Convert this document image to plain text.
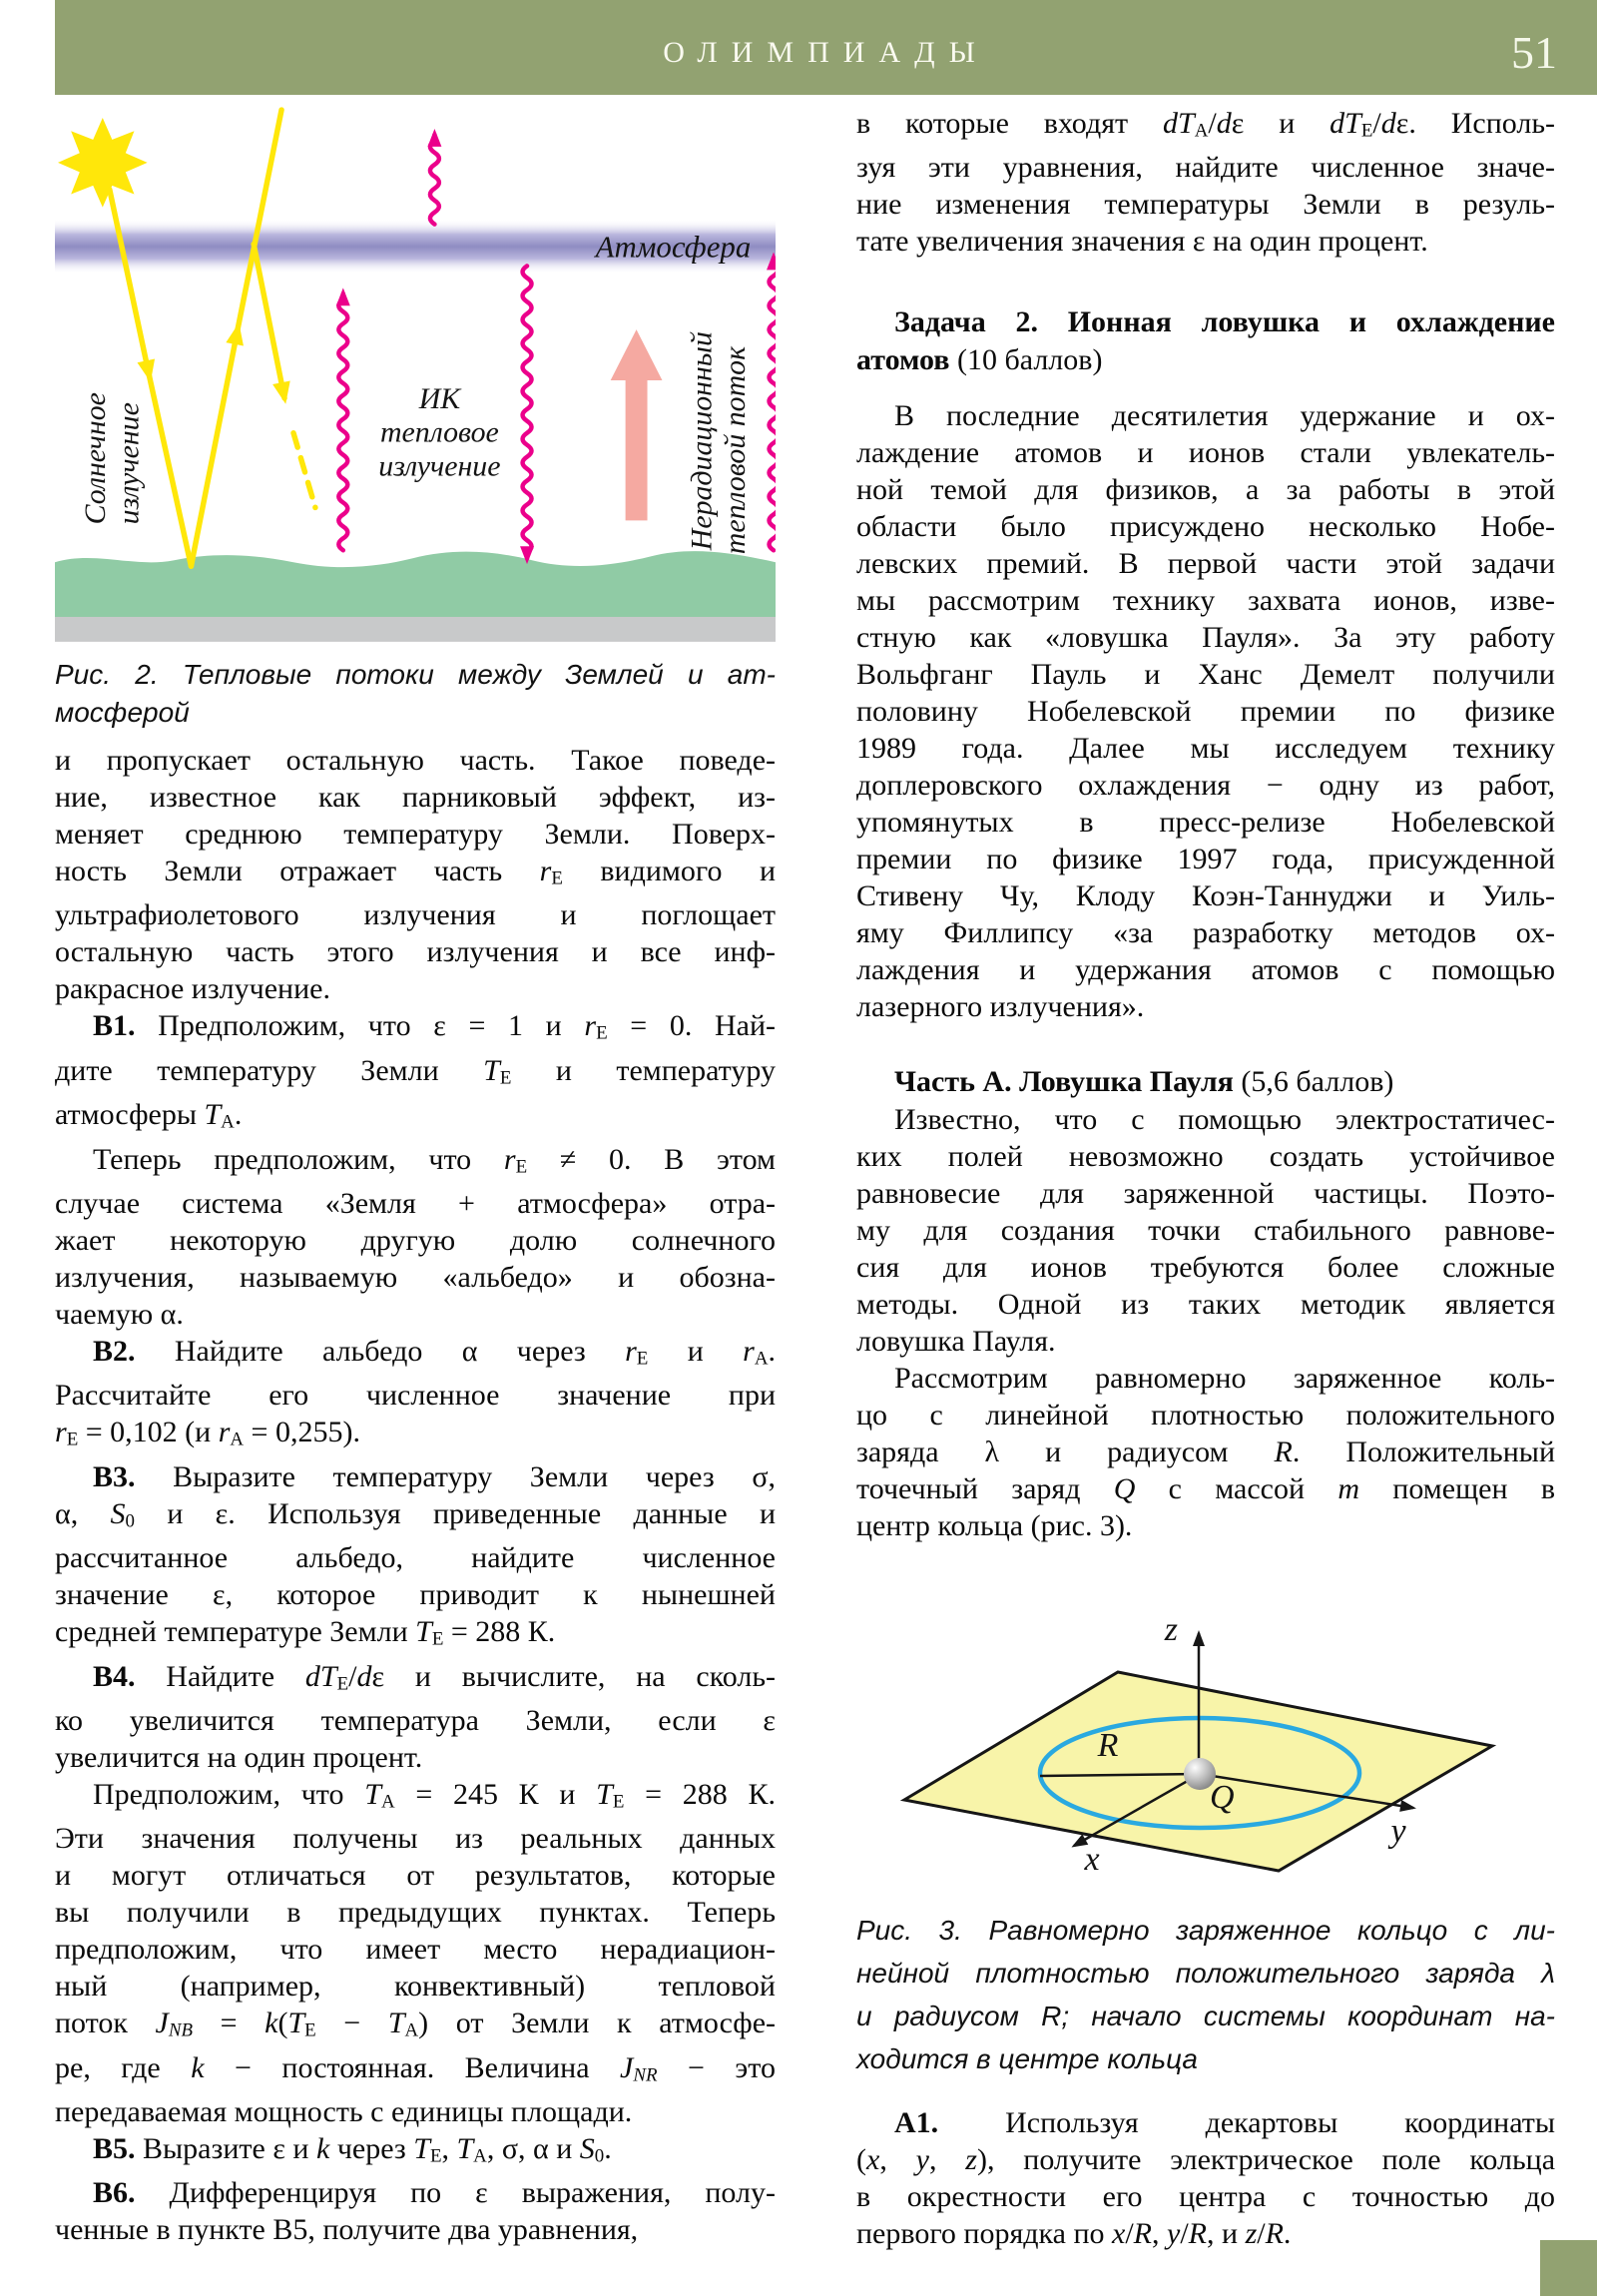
ОЛИМПИАДЫ	51
Атмосфера
Солнечное излучение
ИК
тепловое
излучение	Нерадиационный тепловой поток
Рис. 2. Тепловые потоки между Землей и ат-
мосферой
и пропускает остальную часть. Такое поведе-
ние, известное как парниковый эффект, из-
меняет среднюю температуру Земли. Поверх-
ность Земли отражает часть rE видимого и
ультрафиолетового излучения и поглощает
остальную часть этого излучения и все инф-
ракрасное излучение.
В1. Предположим, что ε = 1 и rE = 0. Най-
дите температуру Земли TE и температуру
атмосферы TA.
Теперь предположим, что rE ≠ 0. В этом
случае система «Земля + атмосфера» отра-
жает некоторую другую долю солнечного
излучения, называемую «альбедо» и обозна-
чаемую α.
В2. Найдите альбедо α через rE и rA.
Рассчитайте его численное значение при
rE = 0,102 (и rA = 0,255).
В3. Выразите температуру Земли через σ,
α, S0 и ε. Используя приведенные данные и
рассчитанное альбедо, найдите численное
значение ε, которое приводит к нынешней
средней температуре Земли TE = 288 К.
В4. Найдите dTE/dε и вычислите, на сколь-
ко увеличится температура Земли, если ε
увеличится на один процент.
Предположим, что TA = 245 К и TE = 288 К.
Эти значения получены из реальных данных
и могут отличаться от результатов, которые
вы получили в предыдущих пунктах. Теперь
предположим, что имеет место нерадиацион-
ный (например, конвективный) тепловой
поток JNB = k(TE − TA) от Земли к атмосфе-
ре, где k − постоянная. Величина JNR − это
передаваемая мощность с единицы площади.
В5. Выразите ε и k через TE, TA, σ, α и S0.
В6. Дифференцируя по ε выражения, полу-
ченные в пункте В5, получите два уравнения,
в которые входят dTA/dε и dTE/dε. Исполь-
зуя эти уравнения, найдите численное значе-
ние изменения температуры Земли в резуль-
тате увеличения значения ε на один процент.
Задача 2. Ионная ловушка и охлаждение
атомов (10 баллов)
В последние десятилетия удержание и ох-
лаждение атомов и ионов стали увлекатель-
ной темой для физиков, а за работы в этой
области было присуждено несколько Нобе-
левских премий. В первой части этой задачи
мы рассмотрим технику захвата ионов, изве-
стную как «ловушка Пауля». За эту работу
Вольфганг Пауль и Ханс Демелт получили
половину Нобелевской премии по физике
1989 года. Далее мы исследуем технику
доплеровского охлаждения − одну из работ,
упомянутых в пресс-релизе Нобелевской
премии по физике 1997 года, присужденной
Стивену Чу, Клоду Коэн-Таннуджи и Уиль-
яму Филлипсу «за разработку методов ох-
лаждения и удержания атомов с помощью
лазерного излучения».
Часть А. Ловушка Пауля (5,6 баллов)
Известно, что с помощью электростатичес-
ких полей невозможно создать устойчивое
равновесие для заряженной частицы. Поэто-
му для создания точки стабильного равнове-
сия для ионов требуются более сложные
методы. Одной из таких методик является
ловушка Пауля.
Рассмотрим равномерно заряженное коль-
цо с линейной плотностью положительного
заряда λ и радиусом R. Положительный
точечный заряд Q с массой m помещен в
центр кольца (рис. 3).
z
y
x
R
Q
Рис. 3. Равномерно заряженное кольцо с ли-
нейной плотностью положительного заряда λ
и радиусом R; начало системы координат на-
ходится в центре кольца
А1. Используя декартовы координаты
(x, y, z), получите электрическое поле кольца
в окрестности его центра с точностью до
первого порядка по x/R, y/R, и z/R.
